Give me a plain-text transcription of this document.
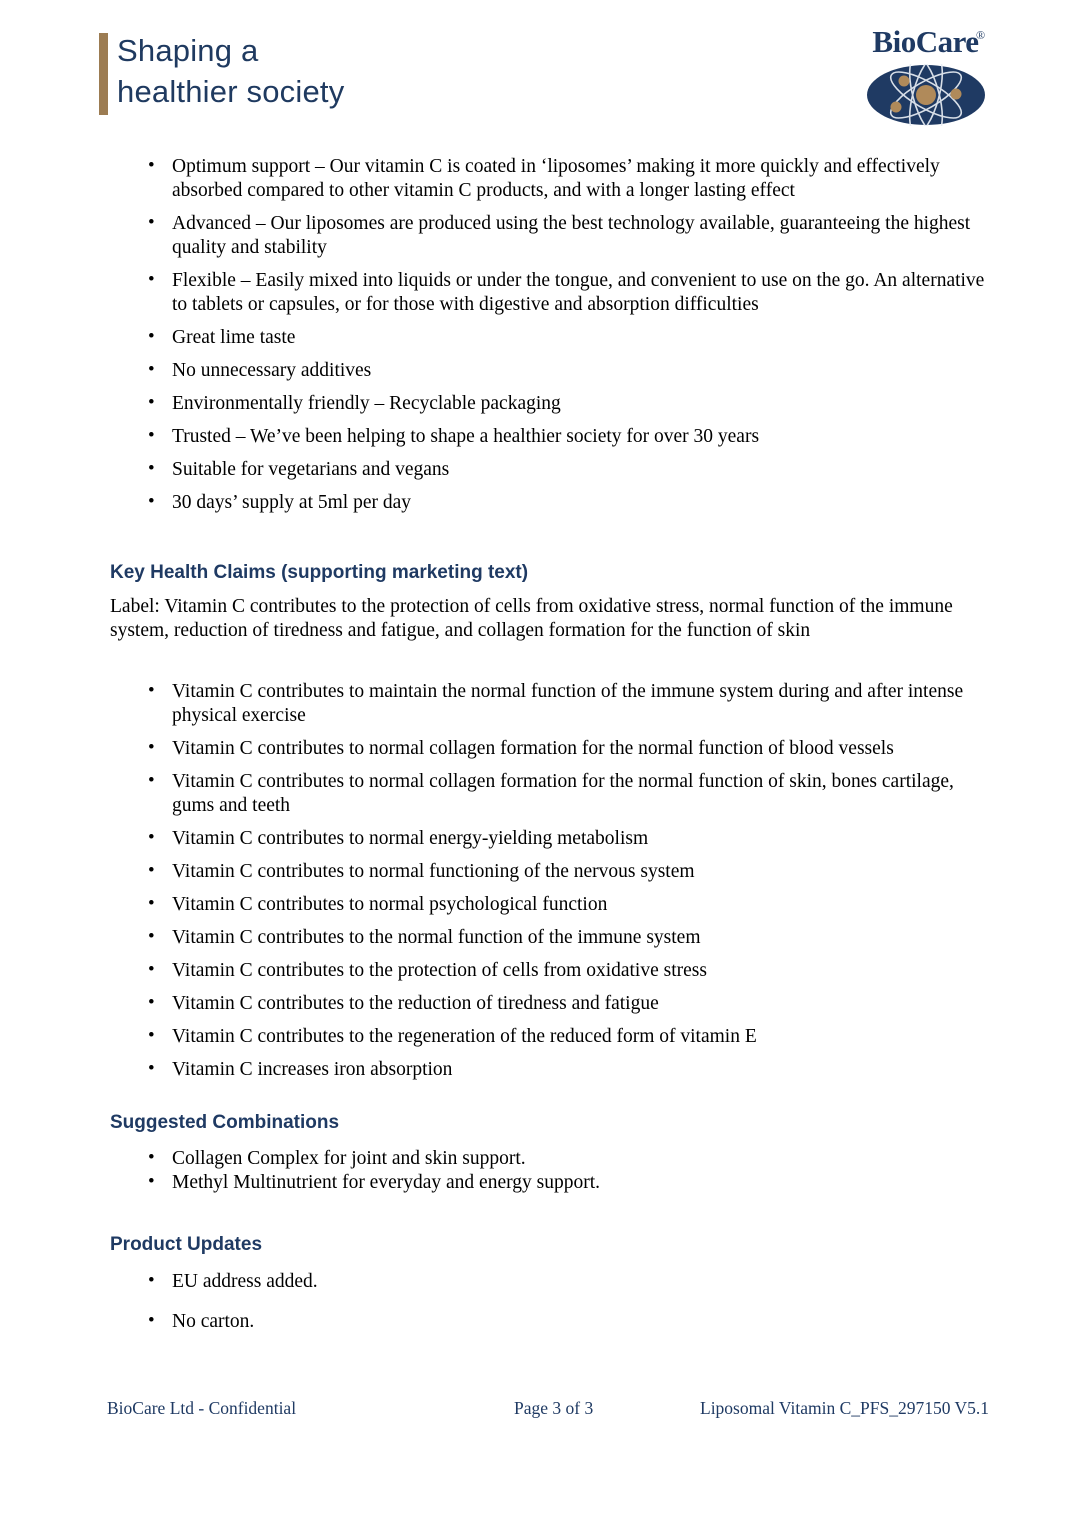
Shaping a
healthier society
BioCare
®
• Optimum support – Our vitamin C is coated in ‘liposomes’ making it more quickly and effectively absorbed compared to other vitamin C products, and with a longer lasting effect
• Advanced – Our liposomes are produced using the best technology available, guaranteeing the highest quality and stability
• Flexible – Easily mixed into liquids or under the tongue, and convenient to use on the go. An alternative to tablets or capsules, or for those with digestive and absorption difficulties
• Great lime taste
• No unnecessary additives
• Environmentally friendly – Recyclable packaging
• Trusted – We’ve been helping to shape a healthier society for over 30 years
• Suitable for vegetarians and vegans
• 30 days’ supply at 5ml per day
Key Health Claims (supporting marketing text)
Label: Vitamin C contributes to the protection of cells from oxidative stress, normal function of the immune system, reduction of tiredness and fatigue, and collagen formation for the function of skin
• Vitamin C contributes to maintain the normal function of the immune system during and after intense physical exercise
• Vitamin C contributes to normal collagen formation for the normal function of blood vessels
• Vitamin C contributes to normal collagen formation for the normal function of skin, bones cartilage, gums and teeth
• Vitamin C contributes to normal energy-yielding metabolism
• Vitamin C contributes to normal functioning of the nervous system
• Vitamin C contributes to normal psychological function
• Vitamin C contributes to the normal function of the immune system
• Vitamin C contributes to the protection of cells from oxidative stress
• Vitamin C contributes to the reduction of tiredness and fatigue
• Vitamin C contributes to the regeneration of the reduced form of vitamin E
• Vitamin C increases iron absorption
Suggested Combinations
• Collagen Complex for joint and skin support.
• Methyl Multinutrient for everyday and energy support.
Product Updates
• EU address added.
• No carton.
BioCare Ltd - Confidential	Page 3 of 3	Liposomal Vitamin C_PFS_297150 V5.1
